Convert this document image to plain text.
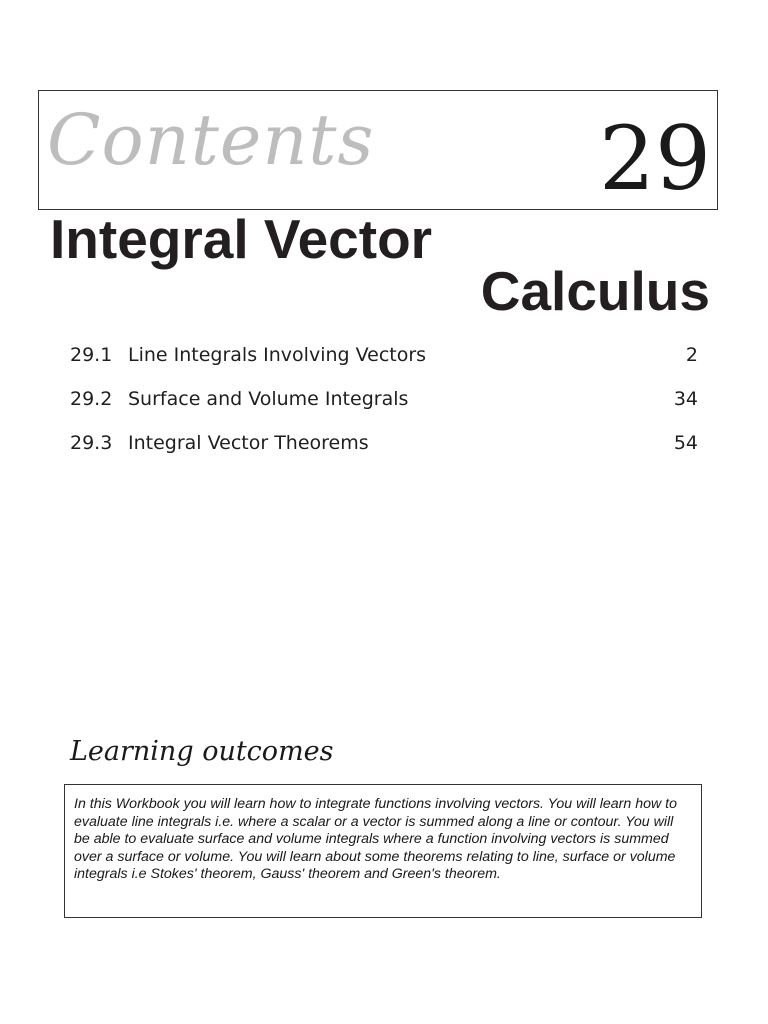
Contents	29
Integral Vector
Calculus
29.1 Line Integrals Involving Vectors	2
29.2 Surface and Volume Integrals	34
29.3 Integral Vector Theorems	54
Learning outcomes

In this Workbook you will learn how to integrate functions involving vectors. You will learn how to evaluate line integrals i.e. where a scalar or a vector is summed along a line or contour. You will be able to evaluate surface and volume integrals where a function involving vectors is summed over a surface or volume. You will learn about some theorems relating to line, surface or volume integrals i.e Stokes' theorem, Gauss' theorem and Green's theorem.
